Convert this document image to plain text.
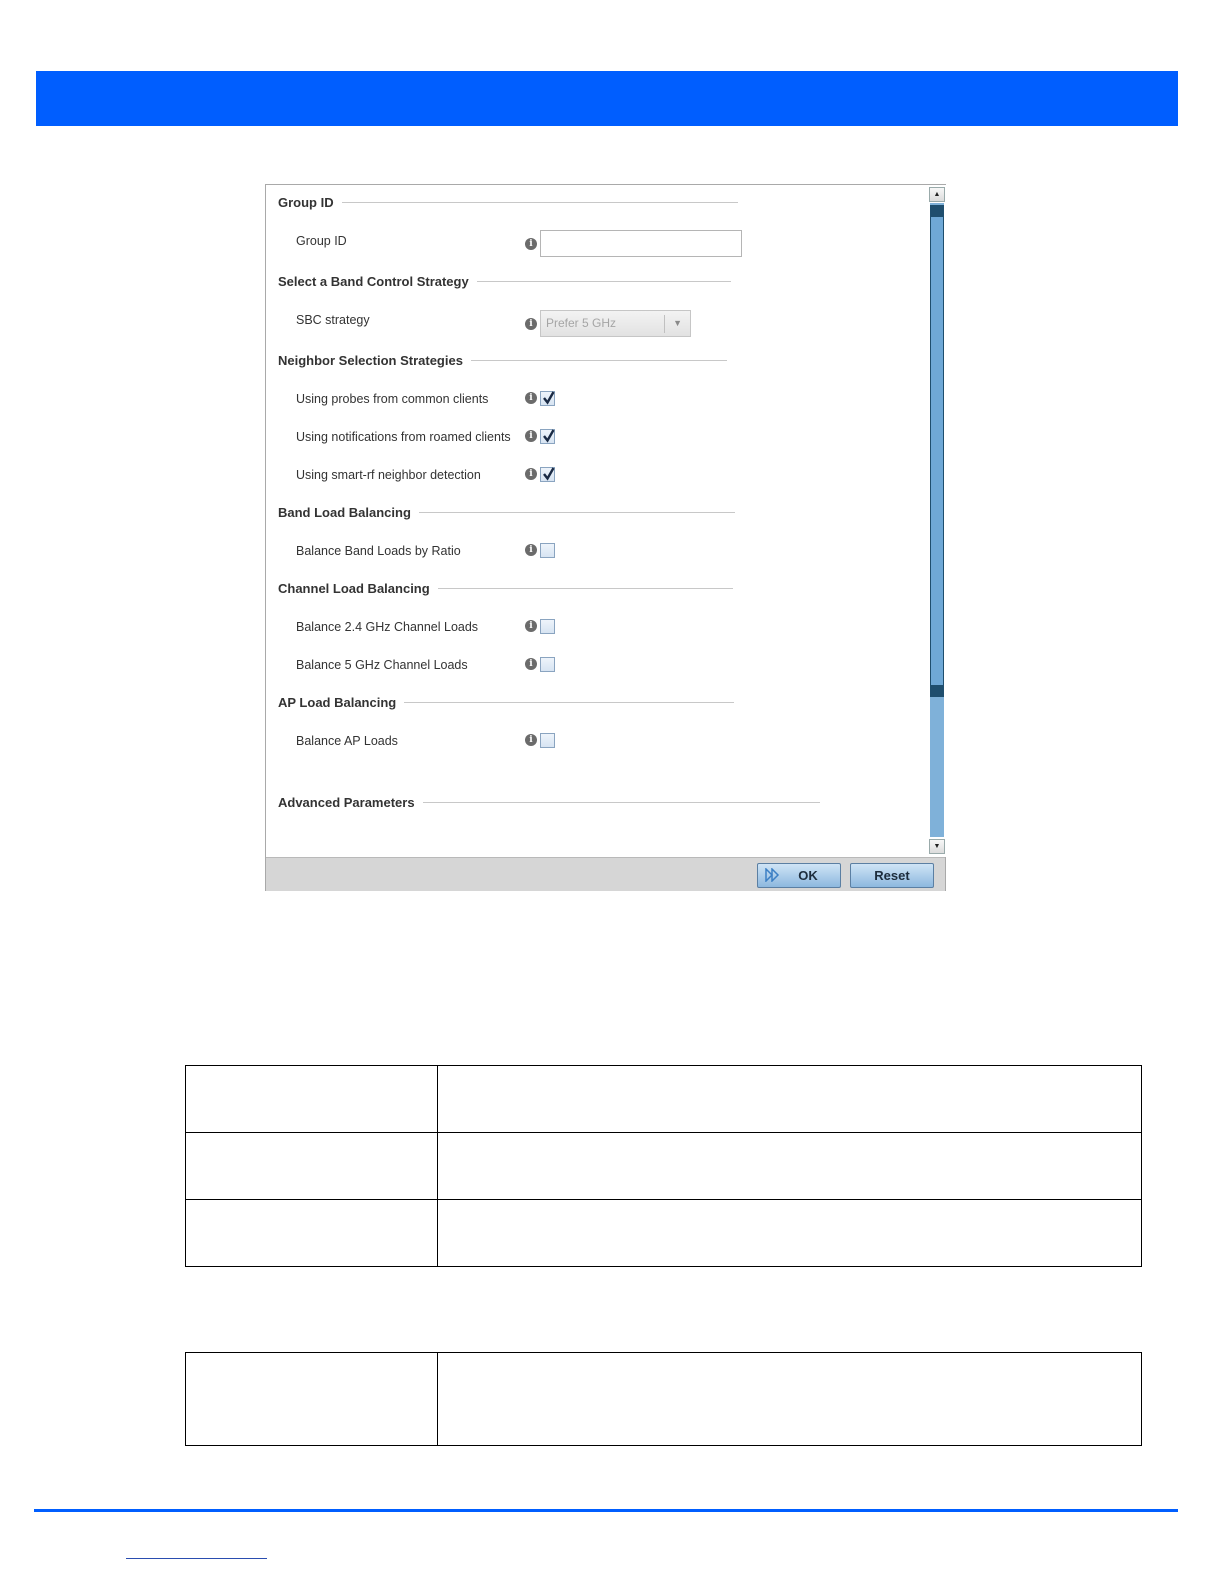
Group ID
Group ID	i
Select a Band Control Strategy
SBC strategy	i	Prefer 5 GHz	▼
Neighbor Selection Strategies
Using probes from common clients	i
Using notifications from roamed clients	i
Using smart-rf neighbor detection	i
Band Load Balancing
Balance Band Loads by Ratio	i
Channel Load Balancing
Balance 2.4 GHz Channel Loads	i
Balance 5 GHz Channel Loads	i
AP Load Balancing
Balance AP Loads	i
Advanced Parameters
▲
▼
OK	Reset
